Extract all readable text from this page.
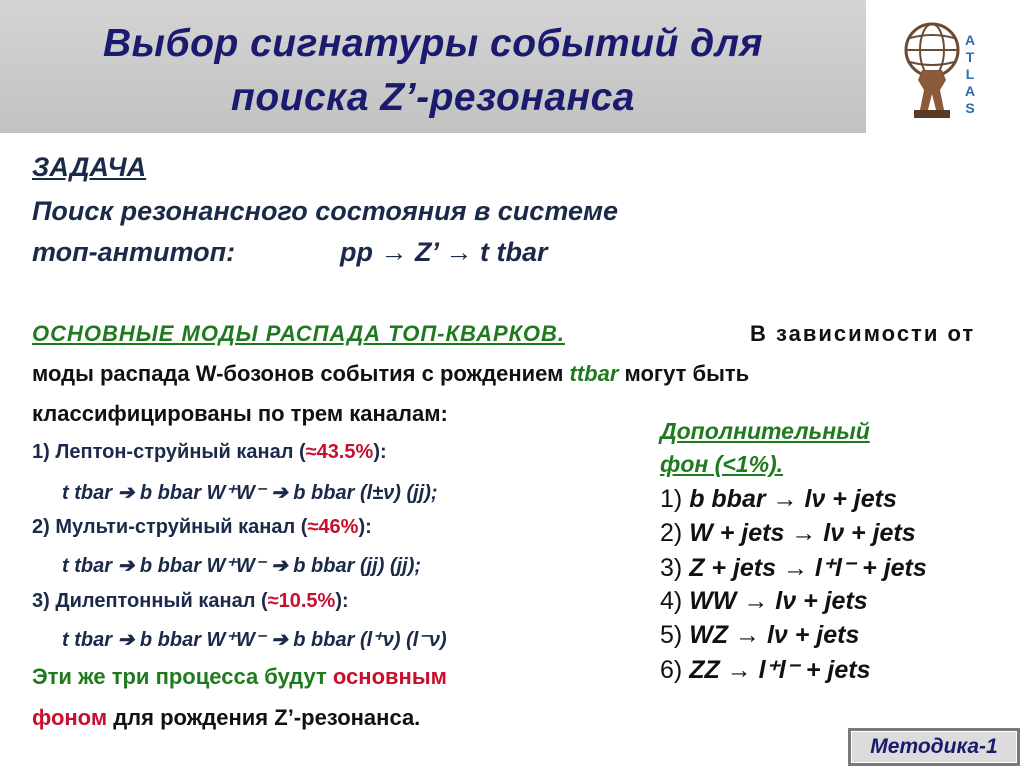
Выбор сигнатуры событий для
поиска Z’-резонанса
A
T
L
A
S
ЗАДАЧА
Поиск резонансного состояния в системе
топ-антитоп:	pp → Z’ → t tbar
ОСНОВНЫЕ МОДЫ РАСПАДА ТОП-КВАРКОВ.	В зависимости от
моды распада W-бозонов события с рождением ttbar могут быть
классифицированы по трем каналам:
1) Лептон-струйный канал (≈43.5%):
t tbar ➔ b bbar W⁺W⁻ ➔ b bbar (l±ν) (jj);
2) Мульти-струйный канал (≈46%):
t tbar ➔ b bbar W⁺W⁻ ➔ b bbar (jj) (jj);
3) Дилептонный канал (≈10.5%):
t tbar ➔ b bbar W⁺W⁻ ➔ b bbar (l⁺ν) (l⁻ν)
Эти же три процесса будут основным
фоном для рождения Z’-резонанса.
Дополнительный
фон (<1%).
1) b bbar → lν + jets
2) W + jets → lν + jets
3) Z + jets → l⁺l⁻ + jets
4) WW → lν + jets
5) WZ → lν + jets
6) ZZ → l⁺l⁻ + jets
Методика-1
